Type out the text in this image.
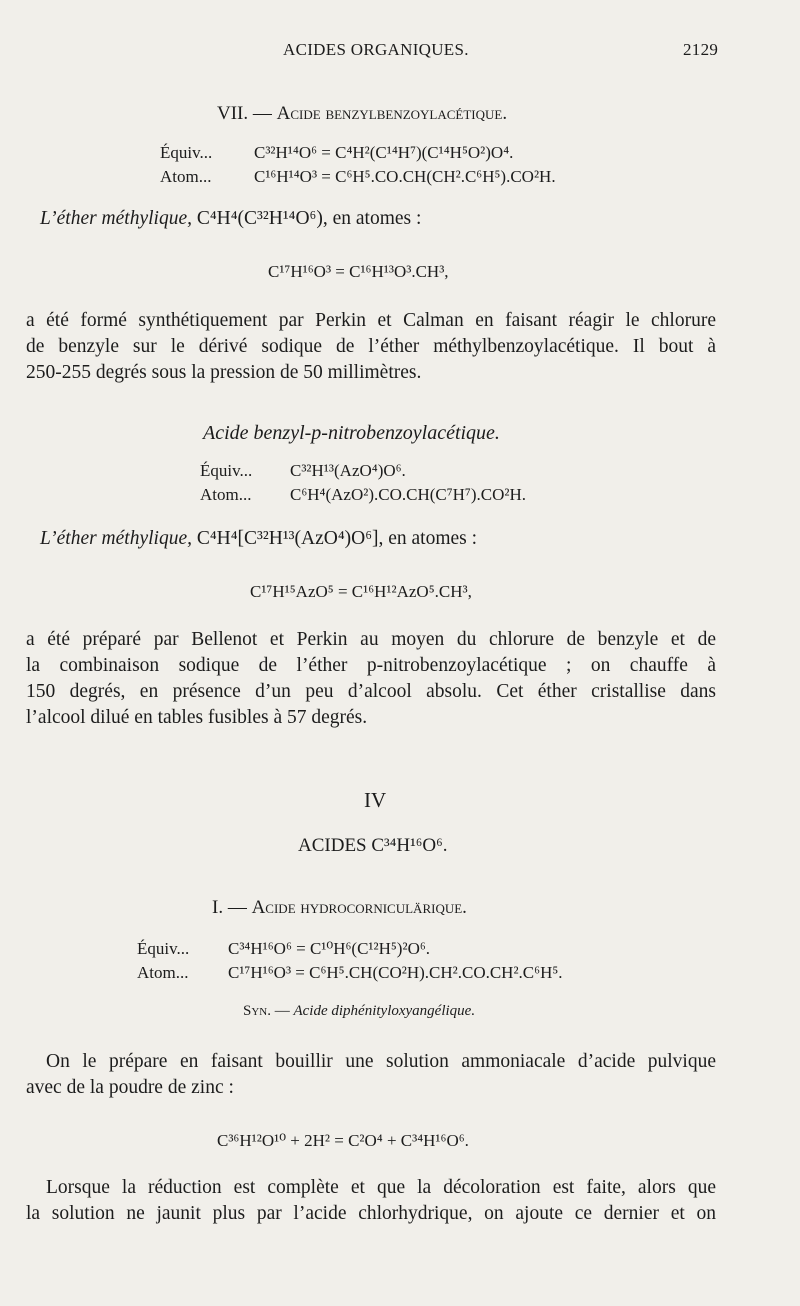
ACIDES ORGANIQUES.	2129
VII. — Acide benzylbenzoylacétique.
Équiv... C³²H¹⁴O⁶ = C⁴H²(C¹⁴H⁷)(C¹⁴H⁵O²)O⁴.
Atom...	C¹⁶H¹⁴O³ = C⁶H⁵.CO.CH(CH².C⁶H⁵).CO²H.
L’éther méthylique, C⁴H⁴(C³²H¹⁴O⁶), en atomes :
C¹⁷H¹⁶O³ = C¹⁶H¹³O³.CH³,
a été formé synthétiquement par Perkin et Calman en faisant réagir le chlorure
de benzyle sur le dérivé sodique de l’éther méthylbenzoylacétique. Il bout à
250-255 degrés sous la pression de 50 millimètres.
Acide benzyl-p-nitrobenzoylacétique.
Équiv... C³²H¹³(AzO⁴)O⁶.
Atom... C⁶H⁴(AzO²).CO.CH(C⁷H⁷).CO²H.
L’éther méthylique, C⁴H⁴[C³²H¹³(AzO⁴)O⁶], en atomes :
C¹⁷H¹⁵AzO⁵ = C¹⁶H¹²AzO⁵.CH³,
a été préparé par Bellenot et Perkin au moyen du chlorure de benzyle et de
la combinaison sodique de l’éther p-nitrobenzoylacétique ; on chauffe à
150 degrés, en présence d’un peu d’alcool absolu. Cet éther cristallise dans
l’alcool dilué en tables fusibles à 57 degrés.
IV
ACIDES C³⁴H¹⁶O⁶.
I. — Acide hydrocorniculärique.
Équiv... C³⁴H¹⁶O⁶ = C¹⁰H⁶(C¹²H⁵)²O⁶.
Atom... C¹⁷H¹⁶O³ = C⁶H⁵.CH(CO²H).CH².CO.CH².C⁶H⁵.
Syn. — Acide diphénityloxyangélique.
On le prépare en faisant bouillir une solution ammoniacale d’acide pulvique
avec de la poudre de zinc :
C³⁶H¹²O¹⁰ + 2H² = C²O⁴ + C³⁴H¹⁶O⁶.
Lorsque la réduction est complète et que la décoloration est faite, alors que
la solution ne jaunit plus par l’acide chlorhydrique, on ajoute ce dernier et on
